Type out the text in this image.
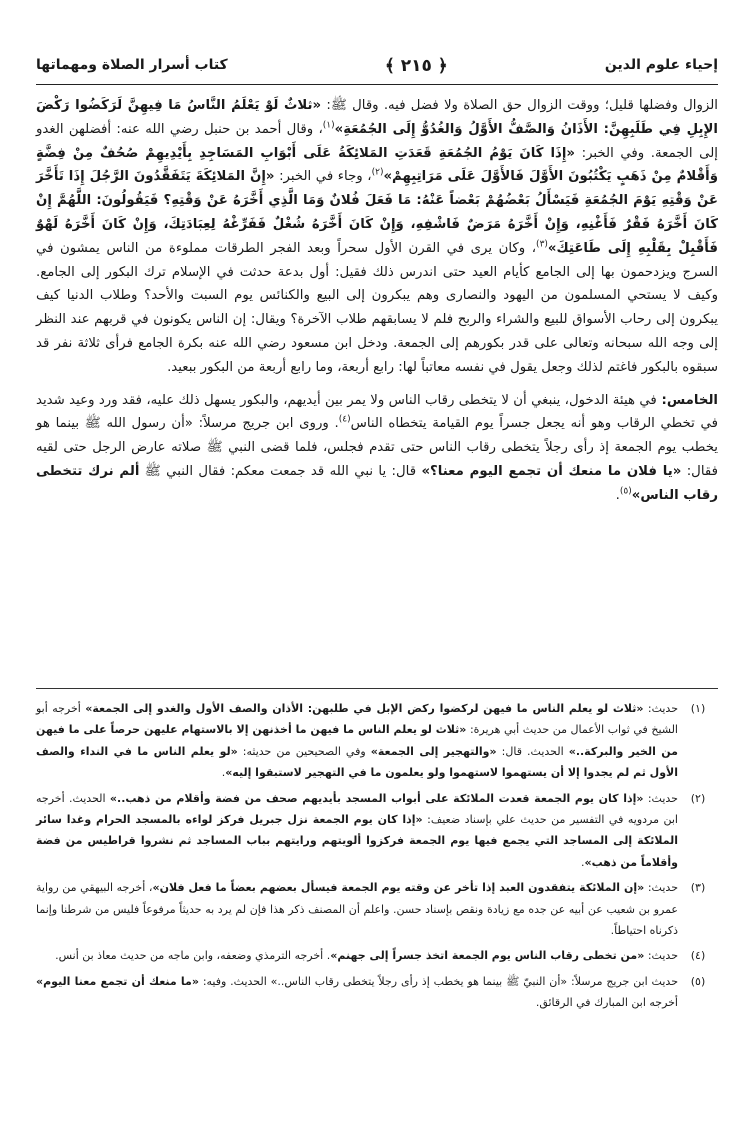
إحياء علوم الدين
﴿ ٢١٥ ﴾
كتاب أسرار الصلاة ومهماتها

الزوال وفضلها قليل؛ ووقت الزوال حق الصلاة ولا فضل فيه. وقال ﷺ: «ثلاثٌ لَوْ يَعْلَمُ النَّاسُ مَا فِيهِنَّ لَرَكَضُوا رَكْضَ الإِبِلِ فِي طَلَبِهِنَّ: الأَذَانُ وَالصَّفُّ الأَوَّلُ وَالغُدُوُّ إِلَى الجُمُعَةِ»$^{(١)}$، وقال أحمد بن حنبل رضي الله عنه: أفضلهن الغدو إلى الجمعة. وفي الخبر: «إِذَا كَانَ يَوْمُ الجُمُعَةِ قَعَدَتِ المَلائِكَةُ عَلَى أَبْوَابِ المَسَاجِدِ بِأَيْدِيهِمْ صُحُفٌ مِنْ فِضَّةٍ وَأَقْلامٌ مِنْ ذَهَبٍ يَكْتُبُونَ الأَوَّلَ فَالأَوَّلَ عَلَى مَرَاتِبِهِمْ»$^{(٢)}$، وجاء في الخبر: «إِنَّ المَلائِكَةَ يَتَفَقَّدُونَ الرَّجُلَ إِذَا تَأَخَّرَ عَنْ وَقْتِهِ يَوْمَ الجُمُعَةِ فَيَسْأَلُ بَعْضُهُمْ بَعْضاً عَنْهُ: مَا فَعَلَ فُلانٌ وَمَا الَّذِي أَخَّرَهُ عَنْ وَقْتِهِ؟ فَيَقُولُونَ: اللَّهُمَّ إِنْ كَانَ أَخَّرَهُ فَقْرٌ فَأَغْنِهِ، وَإِنْ أَخَّرَهُ مَرَضٌ فَاشْفِهِ، وَإِنْ كَانَ أَخَّرَهُ شُغْلٌ فَفَرِّغْهُ لِعِبَادَتِكَ، وَإِنْ كَانَ أَخَّرَهُ لَهْوٌ فَأَقْبِلْ بِقَلْبِهِ إِلَى طَاعَتِكَ»$^{(٣)}$، وكان يرى في القرن الأول سحراً وبعد الفجر الطرقات مملوءة من الناس يمشون في السرج ويزدحمون بها إلى الجامع كأيام العيد حتى اندرس ذلك فقيل: أول بدعة حدثت في الإسلام ترك البكور إلى الجامع. وكيف لا يستحي المسلمون من اليهود والنصارى وهم يبكرون إلى البيع والكنائس يوم السبت والأحد؟ وطلاب الدنيا كيف يبكرون إلى رحاب الأسواق للبيع والشراء والربح فلم لا يسابقهم طلاب الآخرة؟ ويقال: إن الناس يكونون في قربهم عند النظر إلى وجه الله سبحانه وتعالى على قدر بكورهم إلى الجمعة. ودخل ابن مسعود رضي الله عنه بكرة الجامع فرأى ثلاثة نفر قد سبقوه بالبكور فاغتم لذلك وجعل يقول في نفسه معاتباً لها: رابع أربعة، وما رابع أربعة من البكور ببعيد.

الخامس: في هيئة الدخول، ينبغي أن لا يتخطى رقاب الناس ولا يمر بين أيديهم، والبكور يسهل ذلك عليه، فقد ورد وعيد شديد في تخطي الرقاب وهو أنه يجعل جسراً يوم القيامة يتخطاه الناس$^{(٤)}$. وروى ابن جريج مرسلاً: «أن رسول الله ﷺ بينما هو يخطب يوم الجمعة إذ رأى رجلاً يتخطى رقاب الناس حتى تقدم فجلس، فلما قضى النبي ﷺ صلاته عارض الرجل حتى لقيه فقال: «يا فلان ما منعك أن تجمع اليوم معنا؟» قال: يا نبي الله قد جمعت معكم: فقال النبي ﷺ ألم نرك تتخطى رقاب الناس»$^{(٥)}$.

(١)
حديث: «ثلاث لو يعلم الناس ما فيهن لركضوا ركض الإبل في طلبهن: الأذان والصف الأول والغدو إلى الجمعة» أخرجه أبو الشيخ في ثواب الأعمال من حديث أبي هريرة: «ثلاث لو يعلم الناس ما فيهن ما أخذنهن إلا بالاستهام عليهن حرصاً على ما فيهن من الخير والبركة..» الحديث. قال: «والتهجير إلى الجمعة» وفي الصحيحين من حديثه: «لو يعلم الناس ما في النداء والصف الأول ثم لم يجدوا إلا أن يستهموا لاستهموا ولو يعلمون ما في التهجير لاستبقوا إليه».
(٢)
حديث: «إذا كان يوم الجمعة قعدت الملائكة على أبواب المسجد بأيديهم صحف من فضة وأقلام من ذهب..» الحديث. أخرجه ابن مردويه في التفسير من حديث علي بإسناد ضعيف: «إذا كان يوم الجمعة نزل جبريل فركز لواءه بالمسجد الحرام وغدا سائر الملائكة إلى المساجد التي يجمع فيها يوم الجمعة فركزوا ألويتهم ورايتهم بباب المساجد ثم نشروا قراطيس من فضة وأقلاماً من ذهب».
(٣)
حديث: «إن الملائكة يتفقدون العبد إذا تأخر عن وقته يوم الجمعة فيسأل بعضهم بعضاً ما فعل فلان»، أخرجه البيهقي من رواية عمرو بن شعيب عن أبيه عن جده مع زيادة ونقص بإسناد حسن. واعلم أن المصنف ذكر هذا فإن لم يرد به حديثاً مرفوعاً فليس من شرطنا وإنما ذكرناه احتياطاً.
(٤)
حديث: «من تخطى رقاب الناس يوم الجمعة اتخذ جسراً إلى جهنم». أخرجه الترمذي وضعفه، وابن ماجه من حديث معاذ بن أنس.
(٥)
حديث ابن جريج مرسلاً: «أن النبيّ ﷺ بينما هو يخطب إذ رأى رجلاً يتخطى رقاب الناس..» الحديث. وفيه: «ما منعك أن تجمع معنا اليوم» أخرجه ابن المبارك في الرقائق.
